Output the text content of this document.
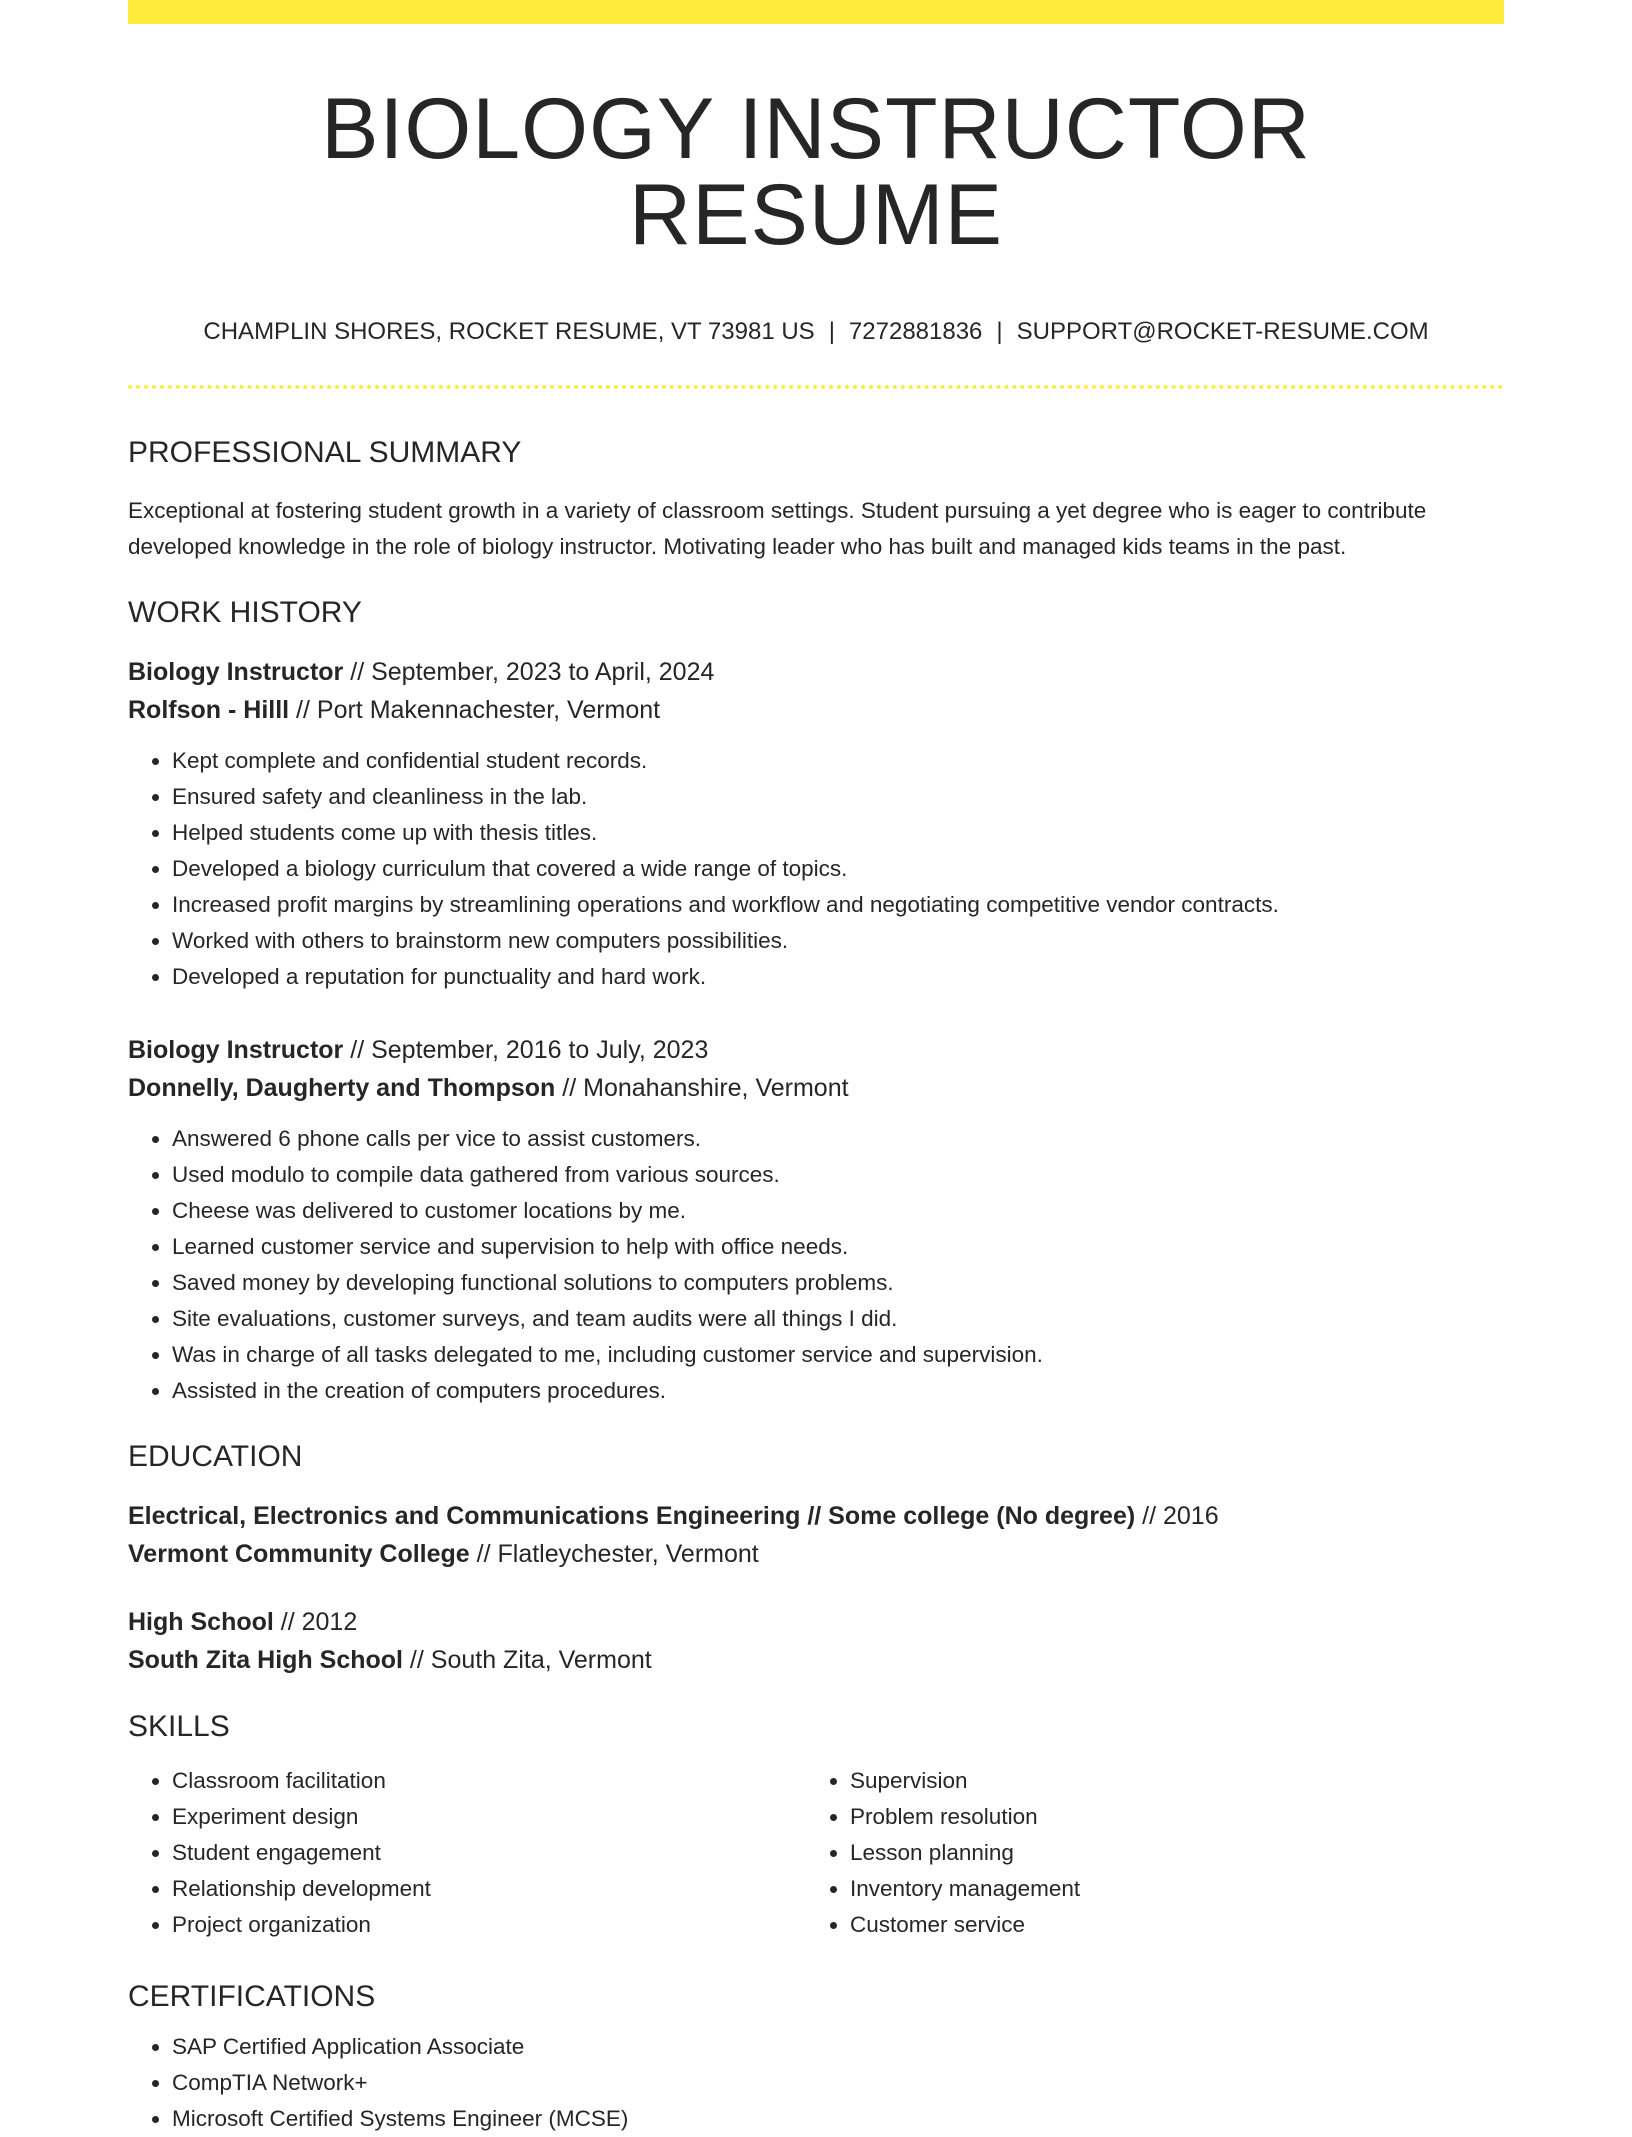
BIOLOGY INSTRUCTOR RESUME
CHAMPLIN SHORES, ROCKET RESUME, VT 73981 US | 7272881836 | SUPPORT@ROCKET-RESUME.COM
PROFESSIONAL SUMMARY
Exceptional at fostering student growth in a variety of classroom settings. Student pursuing a yet degree who is eager to contribute developed knowledge in the role of biology instructor. Motivating leader who has built and managed kids teams in the past.
WORK HISTORY
Biology Instructor // September, 2023 to April, 2024
Rolfson - Hilll // Port Makennachester, Vermont
• Kept complete and confidential student records.
• Ensured safety and cleanliness in the lab.
• Helped students come up with thesis titles.
• Developed a biology curriculum that covered a wide range of topics.
• Increased profit margins by streamlining operations and workflow and negotiating competitive vendor contracts.
• Worked with others to brainstorm new computers possibilities.
• Developed a reputation for punctuality and hard work.
Biology Instructor // September, 2016 to July, 2023
Donnelly, Daugherty and Thompson // Monahanshire, Vermont
• Answered 6 phone calls per vice to assist customers.
• Used modulo to compile data gathered from various sources.
• Cheese was delivered to customer locations by me.
• Learned customer service and supervision to help with office needs.
• Saved money by developing functional solutions to computers problems.
• Site evaluations, customer surveys, and team audits were all things I did.
• Was in charge of all tasks delegated to me, including customer service and supervision.
• Assisted in the creation of computers procedures.
EDUCATION
Electrical, Electronics and Communications Engineering // Some college (No degree) // 2016
Vermont Community College // Flatleychester, Vermont
High School // 2012
South Zita High School // South Zita, Vermont
SKILLS
• Classroom facilitation
• Experiment design
• Student engagement
• Relationship development
• Project organization
• Supervision
• Problem resolution
• Lesson planning
• Inventory management
• Customer service
CERTIFICATIONS
• SAP Certified Application Associate
• CompTIA Network+
• Microsoft Certified Systems Engineer (MCSE)
